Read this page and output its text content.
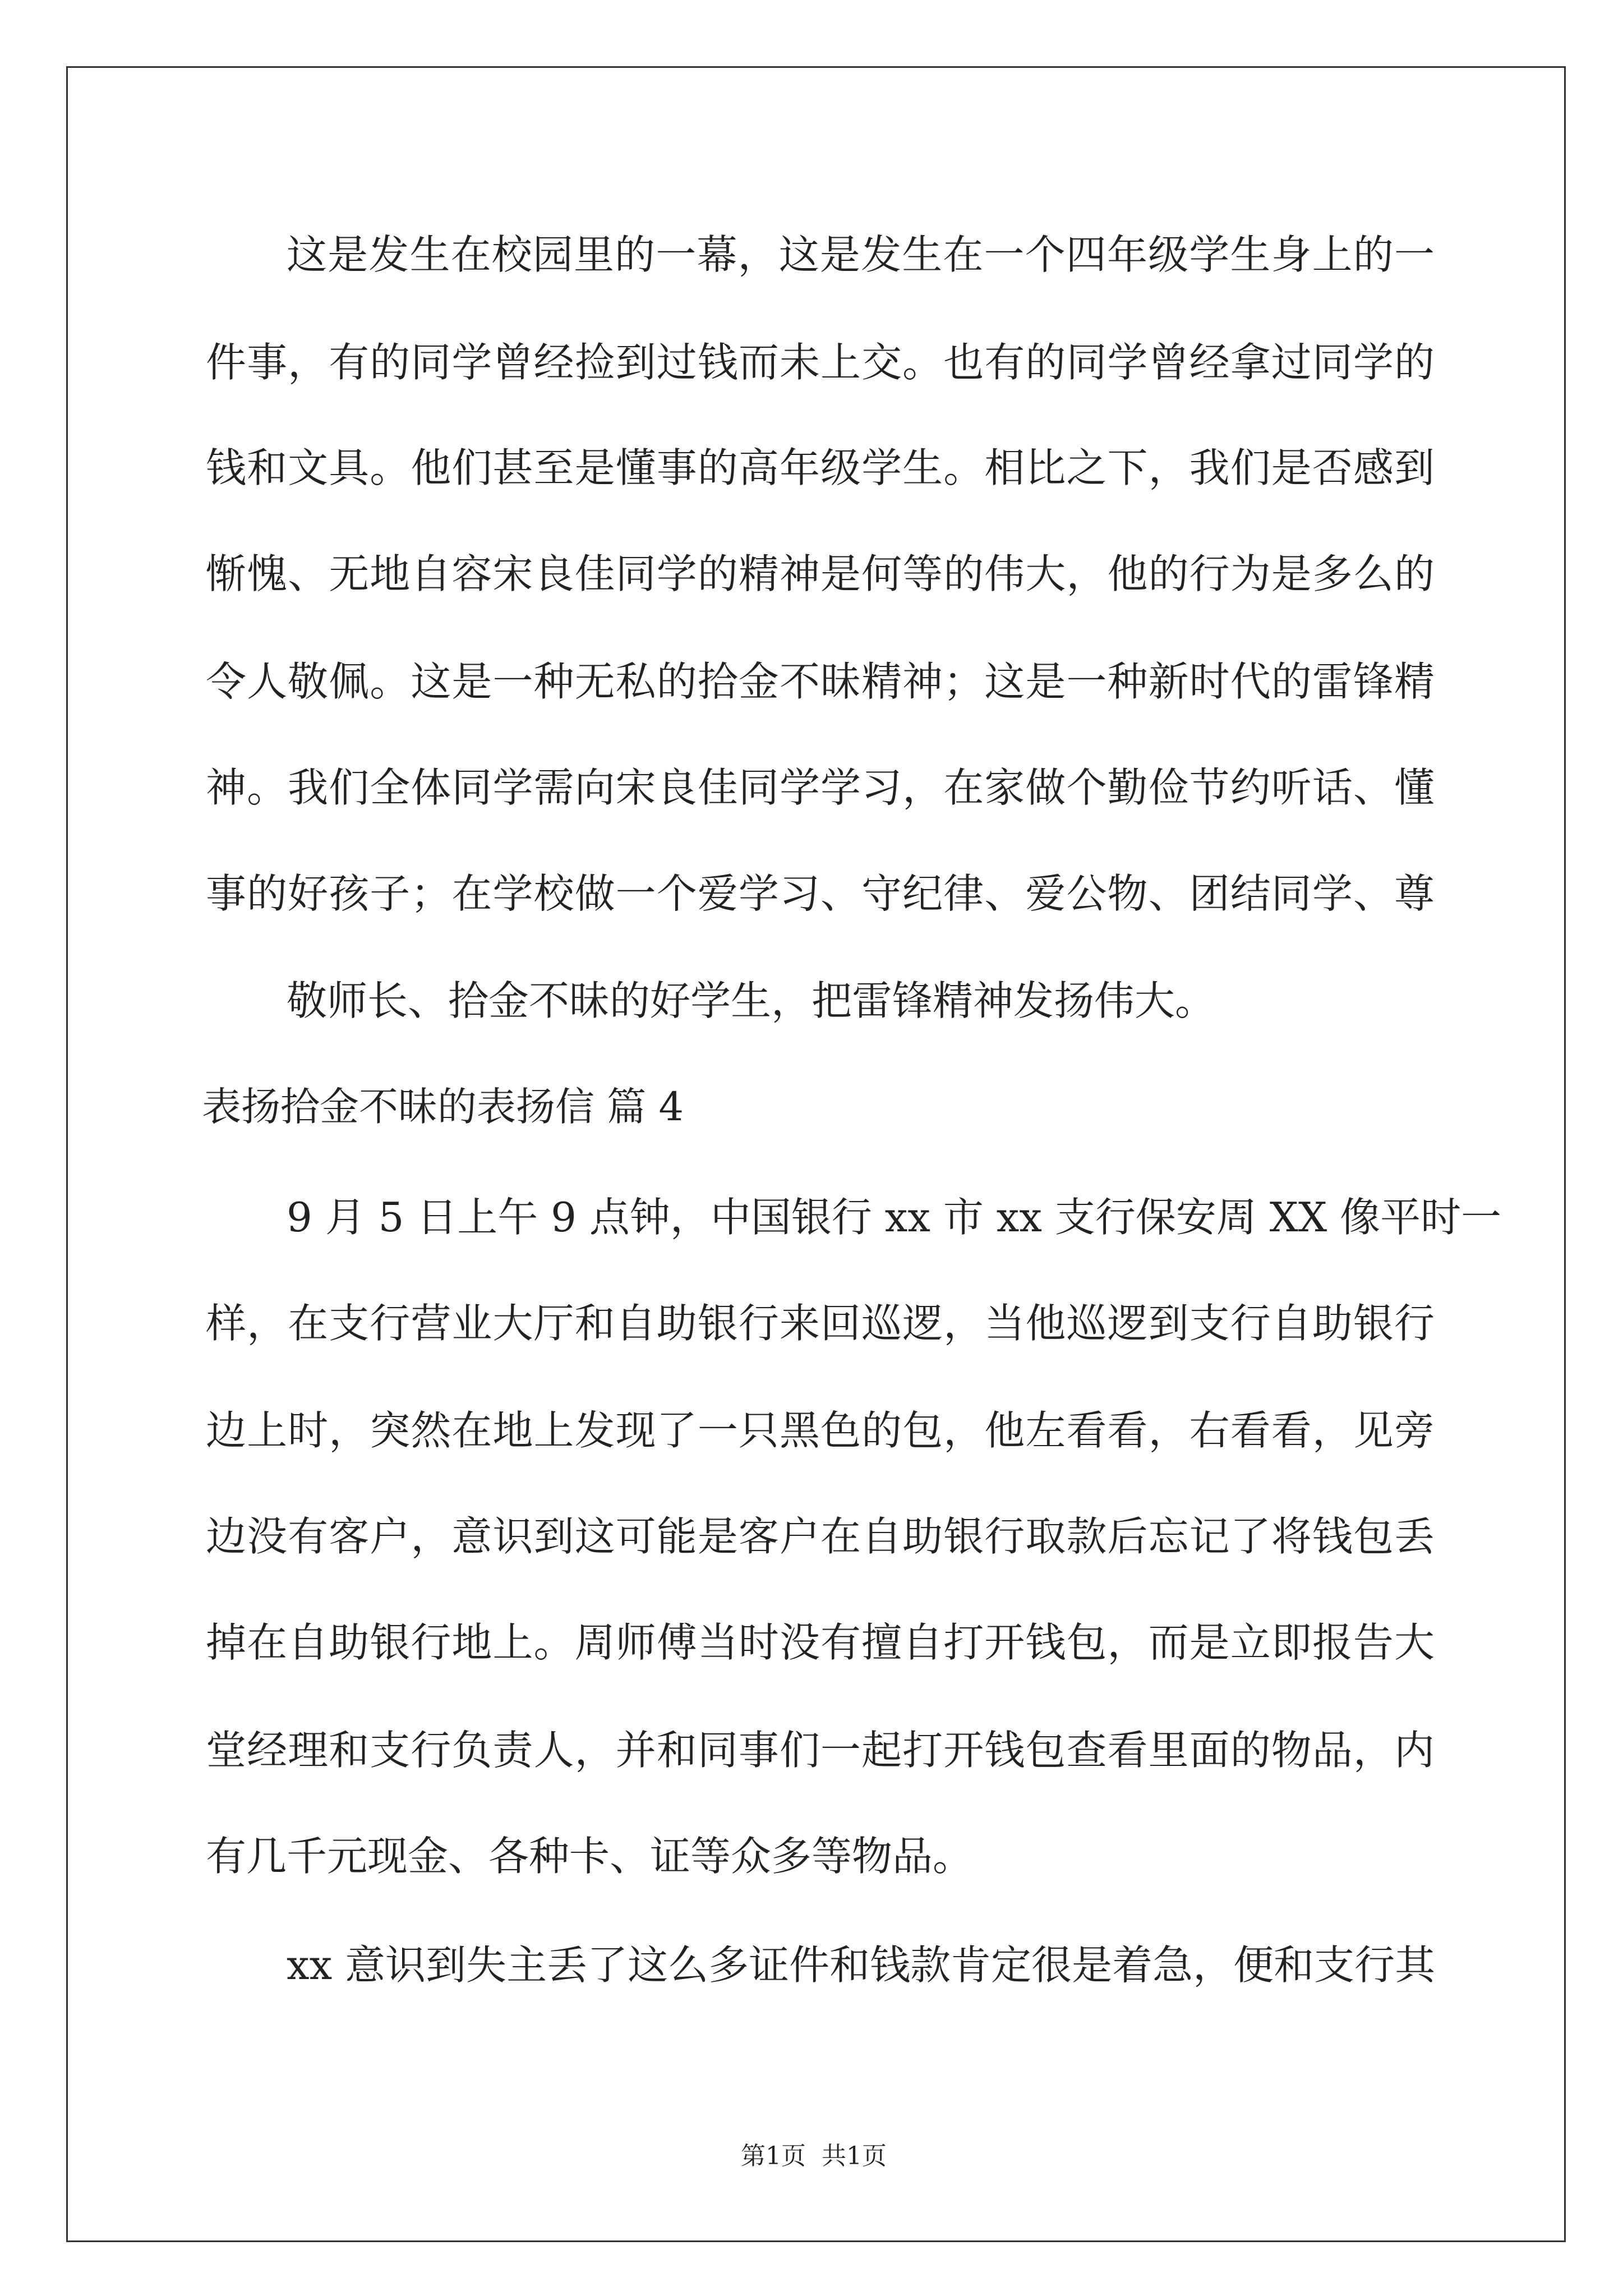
这是发生在校园里的一幕，这是发生在一个四年级学生身上的一
件事，有的同学曾经捡到过钱而未上交。也有的同学曾经拿过同学的
钱和文具。他们甚至是懂事的高年级学生。相比之下，我们是否感到
惭愧、无地自容宋良佳同学的精神是何等的伟大，他的行为是多么的
令人敬佩。这是一种无私的拾金不昧精神；这是一种新时代的雷锋精
神。我们全体同学需向宋良佳同学学习，在家做个勤俭节约听话、懂
事的好孩子；在学校做一个爱学习、守纪律、爱公物、团结同学、尊
敬师长、拾金不昧的好学生，把雷锋精神发扬伟大。
表扬拾金不昧的表扬信 篇 4
9 月 5 日上午 9 点钟，中国银行 xx 市 xx 支行保安周 XX 像平时一
样，在支行营业大厅和自助银行来回巡逻，当他巡逻到支行自助银行
边上时，突然在地上发现了一只黑色的包，他左看看，右看看，见旁
边没有客户，意识到这可能是客户在自助银行取款后忘记了将钱包丢
掉在自助银行地上。周师傅当时没有擅自打开钱包，而是立即报告大
堂经理和支行负责人，并和同事们一起打开钱包查看里面的物品，内
有几千元现金、各种卡、证等众多等物品。
xx 意识到失主丢了这么多证件和钱款肯定很是着急，便和支行其
第1页  共1页
